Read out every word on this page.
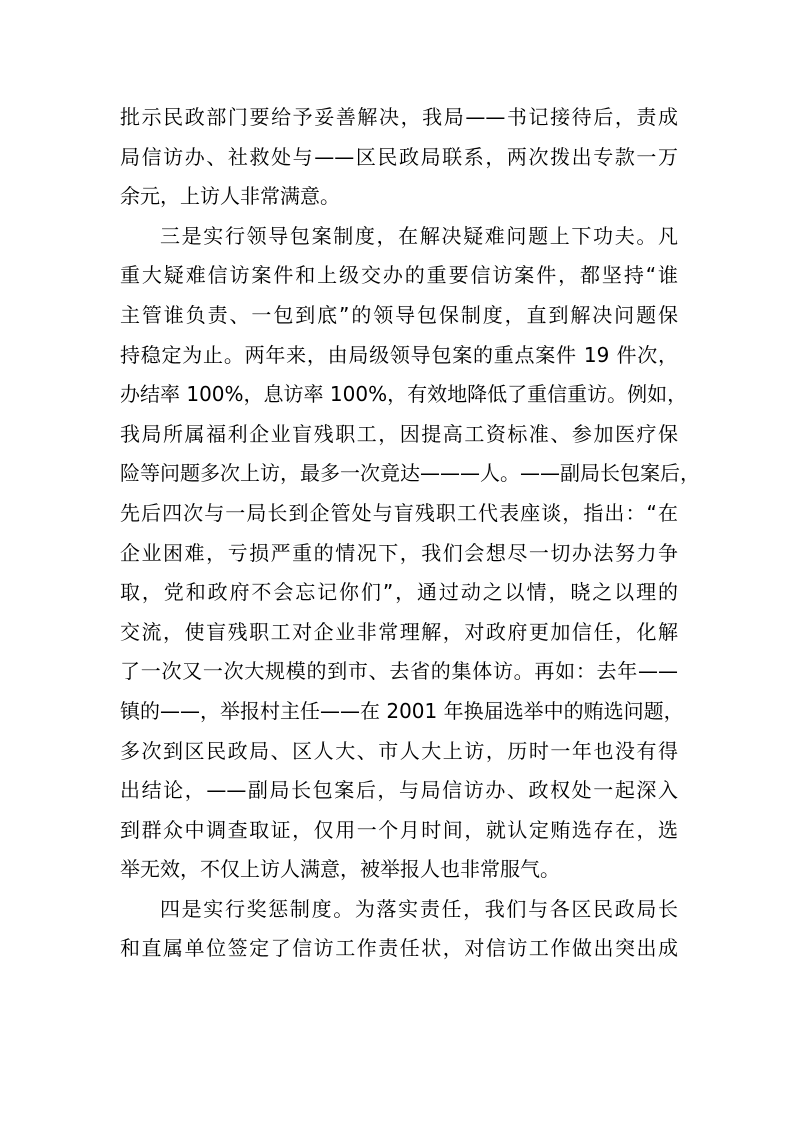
批示民政部门要给予妥善解决，我局——书记接待后，责成
局信访办、社救处与——区民政局联系，两次拨出专款一万
余元，上访人非常满意。
三是实行领导包案制度，在解决疑难问题上下功夫。凡
重大疑难信访案件和上级交办的重要信访案件，都坚持“谁
主管谁负责、一包到底”的领导包保制度，直到解决问题保
持稳定为止。两年来，由局级领导包案的重点案件 19 件次，
办结率 100%，息访率 100%，有效地降低了重信重访。例如，
我局所属福利企业盲残职工，因提高工资标准、参加医疗保
险等问题多次上访，最多一次竟达———人。——副局长包案后，
先后四次与一局长到企管处与盲残职工代表座谈，指出：“在
企业困难，亏损严重的情况下，我们会想尽一切办法努力争
取，党和政府不会忘记你们”，通过动之以情，晓之以理的
交流，使盲残职工对企业非常理解，对政府更加信任，化解
了一次又一次大规模的到市、去省的集体访。再如：去年——
镇的——，举报村主任——在 2001 年换届选举中的贿选问题，
多次到区民政局、区人大、市人大上访，历时一年也没有得
出结论，——副局长包案后，与局信访办、政权处一起深入
到群众中调查取证，仅用一个月时间，就认定贿选存在，选
举无效，不仅上访人满意，被举报人也非常服气。
四是实行奖惩制度。为落实责任，我们与各区民政局长
和直属单位签定了信访工作责任状，对信访工作做出突出成
